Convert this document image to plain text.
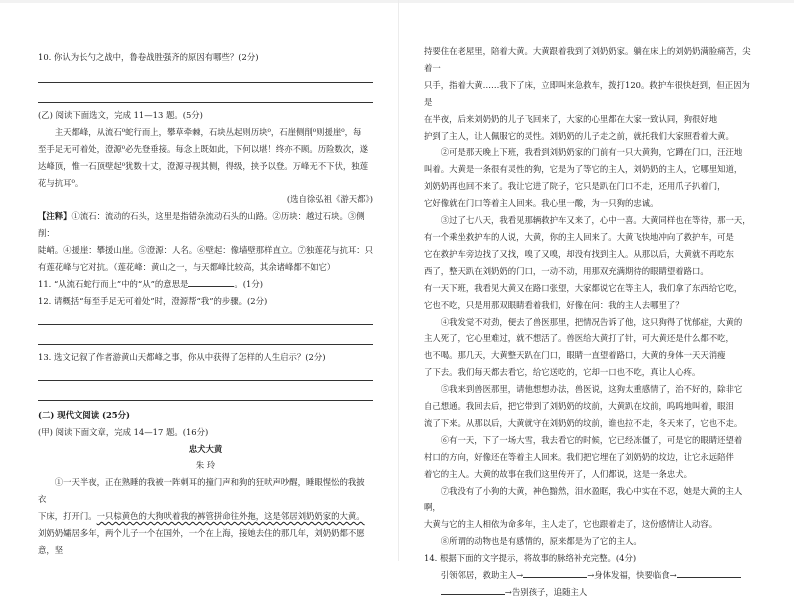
10. 你认为长勺之战中，鲁卷战胜强齐的原因有哪些？(2分)

(乙) 阅读下面选文，完成 11—13 题。(5分)

主天都峰，从流石⁰蛇行而上，攀草牵棘，石块丛起则历块⁰，石崖侧削⁰则援崖⁰，每

至手足无可着处，澄源⁰必先登垂接。每念上既如此，下何以堪！终亦不顾。历险数次，遂

达峰顶，惟一石顶壁起⁰犹数十丈，澄源寻视其侧，得级，挟予以登。万峰无不下伏，独莲

花与抗耳⁰。

(选自徐弘祖《游天都》)

【注释】①流石：流动的石头，这里是指错杂流动石头的山路。②历块：越过石块。③侧削：

陡峭。④援崖：攀援山崖。⑤澄源：人名。⑥壁起：像墙壁那样直立。⑦独莲花与抗耳：只

有莲花峰与它对抗。（莲花峰：黄山之一，与天都峰比较高，其余诸峰都不如它）

11. “从流石蛇行而上”中的“从”的意思是	。(1分)

12. 请概括“每至手足无可着处”时，澄源帮“我”的步骤。(2分)

13. 选文记叙了作者游黄山天都峰之事，你从中获得了怎样的人生启示？(2分)

(二) 现代文阅读 (25分)

(甲) 阅读下面文章，完成 14—17 题。(16分)

忠犬大黄

朱 玲

①一天半夜，正在熟睡的我被一阵刺耳的撞门声和狗的狂吠声吵醒，睡眼惺忪的我披衣

下床，打开门。一只棕黄色的大狗吠着我的裤管拼命往外拖，这是邻居刘奶奶家的大黄。

刘奶奶孀居多年，两个儿子一个在国外，一个在上海，接她去住的那几年，刘奶奶都不愿意，坚

持要住在老屋里，陪着大黄。大黄跟着我到了刘奶奶家。躺在床上的刘奶奶满脸痛苦，尖着一

只手，指着大黄……我下了床，立即叫来急救车，拨打120。救护车很快赶到，但正因为是

在半夜，后来刘奶奶的儿子飞回来了，大家的心里都在大家一致认同，狗很好地

护到了主人，让人佩服它的灵性。刘奶奶的儿子走之前，就托我们大家照看着大黄。

②可是那天晚上下班，我看到刘奶奶家的门前有一只大黄狗，它蹲在门口，汪汪地

叫着。大黄是一条很有灵性的狗，它是为了等它的主人，刘奶奶的主人，它哪里知道，

刘奶奶再也回不来了。我让它进了院子，它只是趴在门口不走，还用爪子扒着门，

它好像就在门口等着主人回来。我心里一酸，为一只狗的忠诚。

③过了七八天，我看见那辆救护车又来了，心中一喜。大黄同样也在等待，那一天，

有一个乘坐救护车的人说，大黄，你的主人回来了。大黄飞快地冲向了救护车，可是

它在救护车旁边找了又找，嗅了又嗅，却没有找到主人。从那以后，大黄就不再吃东

西了，整天趴在刘奶奶的门口，一动不动，用那双充满期待的眼睛望着路口。

有一天下班，我看见大黄又在路口张望，大家都说它在等主人，我们拿了东西给它吃，

它也不吃，只是用那双眼睛看着我们，好像在问：我的主人去哪里了？

④我发觉不对劲，便去了兽医那里，把情况告诉了他，这只狗得了忧郁症，大黄的

主人死了，它心里难过，就不想活了。兽医给大黄打了针，可大黄还是什么都不吃，

也不喝。那几天，大黄整天趴在门口，眼睛一直望着路口，大黄的身体一天天消瘦

了下去。我们每天都去看它，给它送吃的，它却一口也不吃，真让人心疼。

⑤我来到兽医那里，请他想想办法，兽医说，这狗太重感情了，治不好的，除非它

自己想通。我回去后，把它带到了刘奶奶的坟前，大黄趴在坟前，呜呜地叫着，眼泪

流了下来。从那以后，大黄就守在刘奶奶的坟前，谁也拉不走，冬天来了，它也不走。

⑥有一天，下了一场大雪，我去看它的时候，它已经冻僵了，可是它的眼睛还望着

村口的方向，好像还在等着主人回来。我们把它埋在了刘奶奶的坟边，让它永远陪伴

着它的主人。大黄的故事在我们这里传开了，人们都说，这是一条忠犬。

⑦我没有了小狗的大黄，神色黯然，泪水盈眶，我心中实在不忍，她是大黄的主人啊，

大黄与它的主人相依为命多年，主人走了，它也跟着走了，这份感情让人动容。

⑧所谓的动物也是有感情的，原来都是为了它的主人。

14. 根据下面的文字提示，将故事的脉络补充完整。(4分)

引领邻居，救助主人→	→身体发福，快要临食→

→告别孩子，追随主人
